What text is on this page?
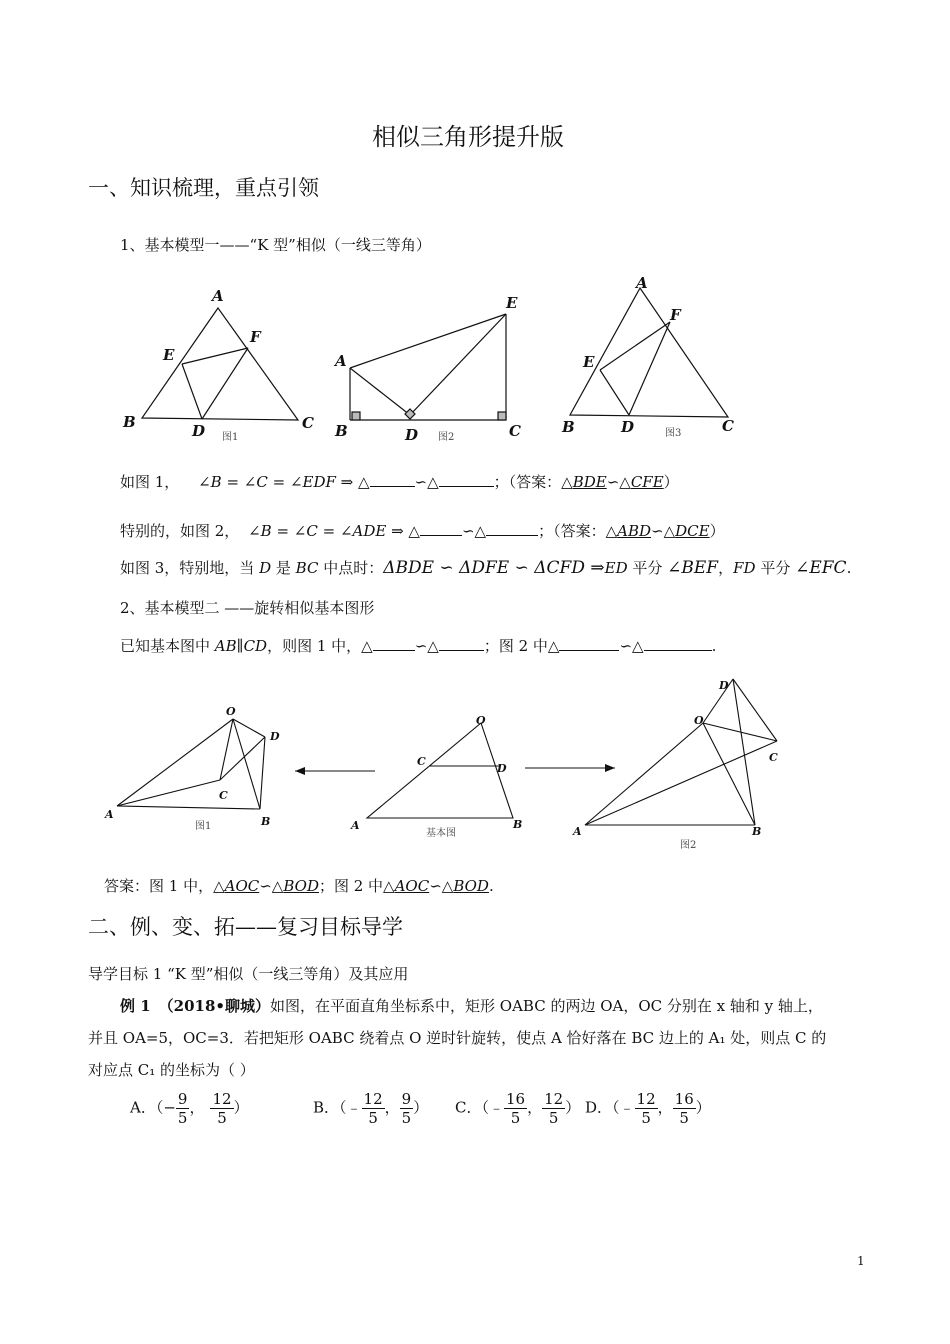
相似三角形提升版
一、知识梳理，重点引领
1、基本模型一——“K 型”相似（一线三等角）
A
B	C
D
E
F
A
B	C
D
E
A
B	C
D
E
F
图1	图2	图3
如图 1， ∠B = ∠C = ∠EDF ⇒ △	∽△	；（答案：△BDE∽△CFE）
特别的，如图 2， ∠B = ∠C = ∠ADE ⇒ △	∽△	；（答案：△ABD∽△DCE）
如图 3，特别地，当 D 是 BC 中点时：ΔBDE ∽ ΔDFE ∽ ΔCFD ⇒ED 平分 ∠BEF，FD 平分 ∠EFC.
2、基本模型二 ——旋转相似基本图形
已知基本图中 AB∥CD，则图 1 中，△	∽△	；图 2 中△	∽△	.
O
D
C
A
B
O
C
D
A	B
D
O
C
A	B
图1
基本图
图2
答案：图 1 中，△AOC∽△BOD；图 2 中△AOC∽△BOD.
二、例、变、拓——复习目标导学
导学目标 1 “K 型”相似（一线三等角）及其应用
例 1 （2018•聊城）如图，在平面直角坐标系中，矩形 OABC 的两边 OA，OC 分别在 x 轴和 y 轴上，
并且 OA=5，OC=3．若把矩形 OABC 绕着点 O 逆时针旋转，使点 A 恰好落在 BC 边上的 A₁ 处，则点 C 的
对应点 C₁ 的坐标为（ ）
A．（− $\frac{9}{5}$ ， $\frac{12}{5}$ ）	B．（﹣ $\frac{12}{5}$ ， $\frac{9}{5}$ ） C．（﹣ $\frac{16}{5}$ ， $\frac{12}{5}$ ） D．（﹣ $\frac{12}{5}$ ， $\frac{16}{5}$ ）
1
